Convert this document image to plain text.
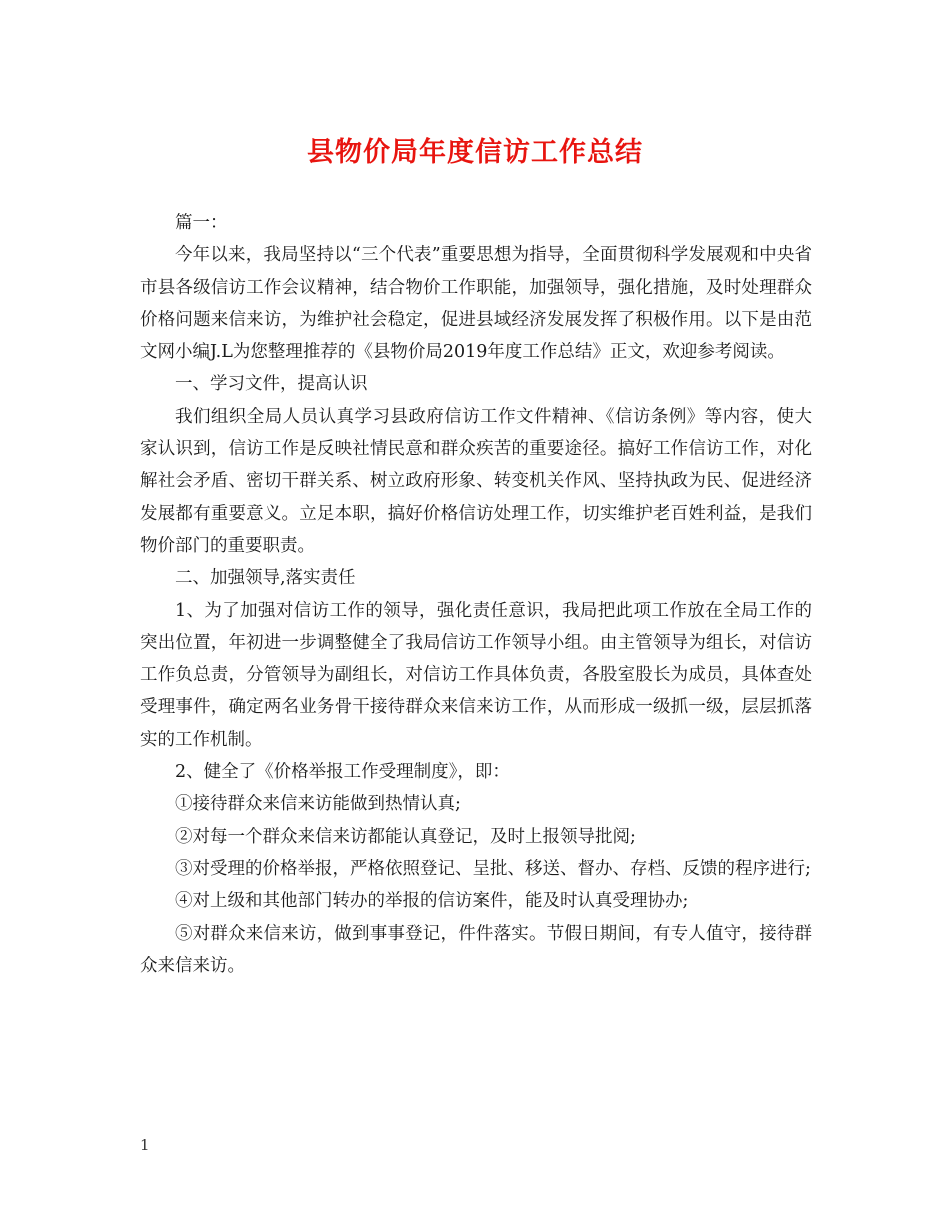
县物价局年度信访工作总结

篇一：

今年以来，我局坚持以“三个代表”重要思想为指导，全面贯彻科学发展观和中央省市县各级信访工作会议精神，结合物价工作职能，加强领导，强化措施，及时处理群众价格问题来信来访，为维护社会稳定，促进县域经济发展发挥了积极作用。以下是由范文网小编J.L为您整理推荐的《县物价局2019年度工作总结》正文，欢迎参考阅读。

一、学习文件，提高认识

我们组织全局人员认真学习县政府信访工作文件精神、《信访条例》等内容，使大家认识到，信访工作是反映社情民意和群众疾苦的重要途径。搞好工作信访工作，对化解社会矛盾、密切干群关系、树立政府形象、转变机关作风、坚持执政为民、促进经济发展都有重要意义。立足本职，搞好价格信访处理工作，切实维护老百姓利益，是我们物价部门的重要职责。

二、加强领导,落实责任

1、为了加强对信访工作的领导，强化责任意识，我局把此项工作放在全局工作的突出位置，年初进一步调整健全了我局信访工作领导小组。由主管领导为组长，对信访工作负总责，分管领导为副组长，对信访工作具体负责，各股室股长为成员，具体查处受理事件，确定两名业务骨干接待群众来信来访工作，从而形成一级抓一级，层层抓落实的工作机制。

2、健全了《价格举报工作受理制度》，即：

①接待群众来信来访能做到热情认真;

②对每一个群众来信来访都能认真登记，及时上报领导批阅;

③对受理的价格举报，严格依照登记、呈批、移送、督办、存档、反馈的程序进行;

④对上级和其他部门转办的举报的信访案件，能及时认真受理协办;

⑤对群众来信来访，做到事事登记，件件落实。节假日期间，有专人值守，接待群众来信来访。

1
